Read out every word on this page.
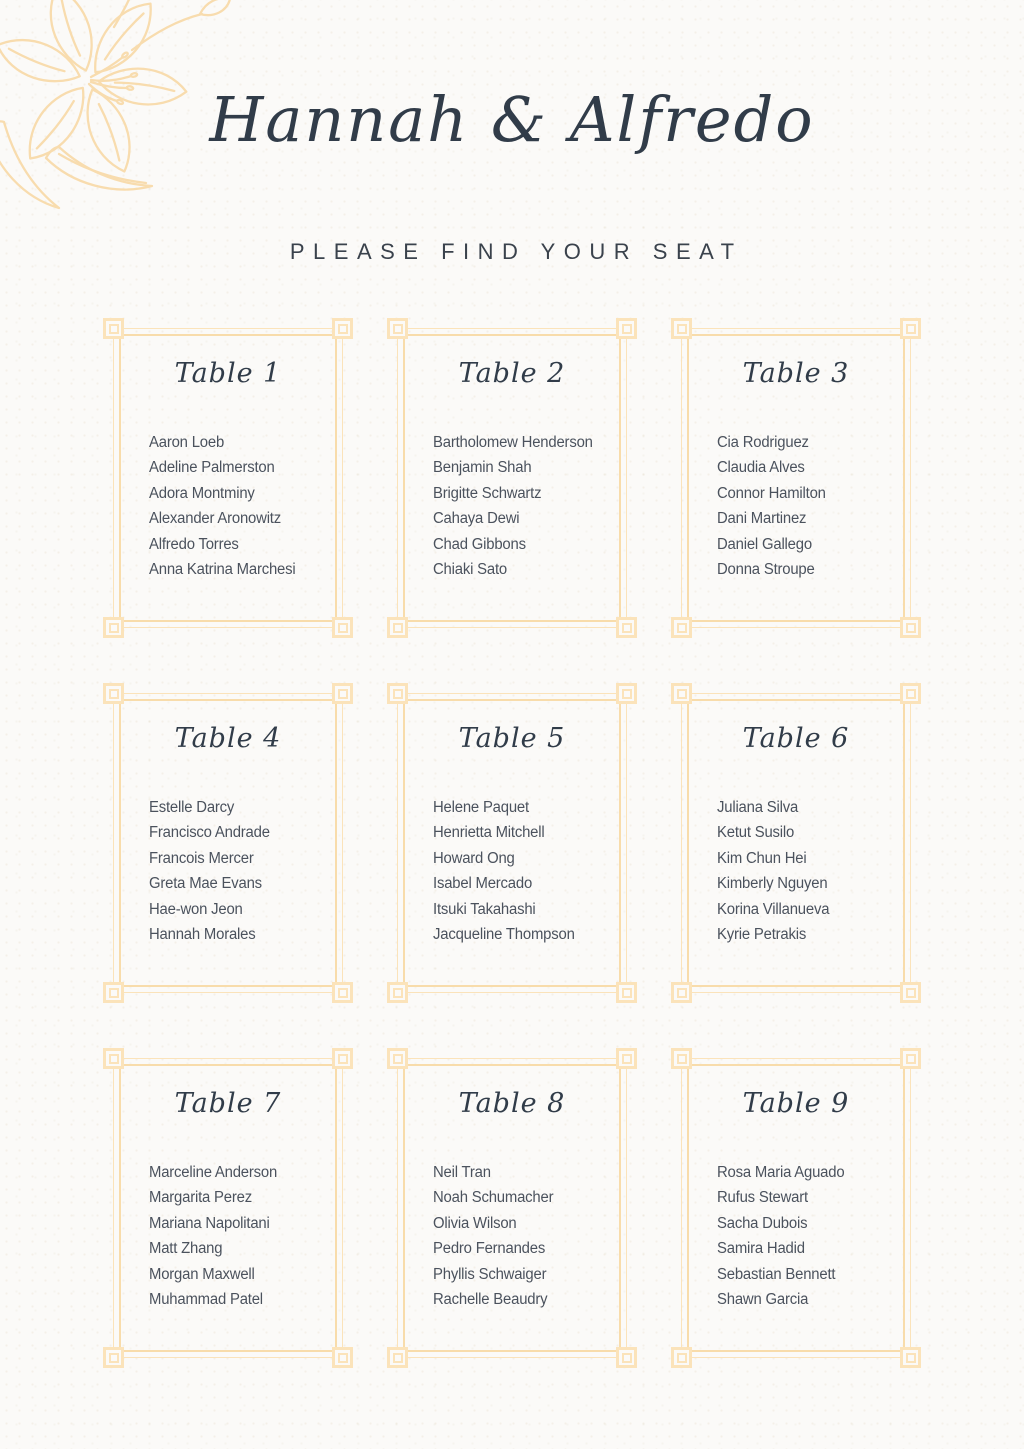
Hannah & Alfredo

PLEASE FIND YOUR SEAT

Table 1
Aaron Loeb
Adeline Palmerston
Adora Montminy
Alexander Aronowitz
Alfredo Torres
Anna Katrina Marchesi
Table 2
Bartholomew Henderson
Benjamin Shah
Brigitte Schwartz
Cahaya Dewi
Chad Gibbons
Chiaki Sato
Table 3
Cia Rodriguez
Claudia Alves
Connor Hamilton
Dani Martinez
Daniel Gallego
Donna Stroupe
Table 4
Estelle Darcy
Francisco Andrade
Francois Mercer
Greta Mae Evans
Hae-won Jeon
Hannah Morales
Table 5
Helene Paquet
Henrietta Mitchell
Howard Ong
Isabel Mercado
Itsuki Takahashi
Jacqueline Thompson
Table 6
Juliana Silva
Ketut Susilo
Kim Chun Hei
Kimberly Nguyen
Korina Villanueva
Kyrie Petrakis
Table 7
Marceline Anderson
Margarita Perez
Mariana Napolitani
Matt Zhang
Morgan Maxwell
Muhammad Patel
Table 8
Neil Tran
Noah Schumacher
Olivia Wilson
Pedro Fernandes
Phyllis Schwaiger
Rachelle Beaudry
Table 9
Rosa Maria Aguado
Rufus Stewart
Sacha Dubois
Samira Hadid
Sebastian Bennett
Shawn Garcia
